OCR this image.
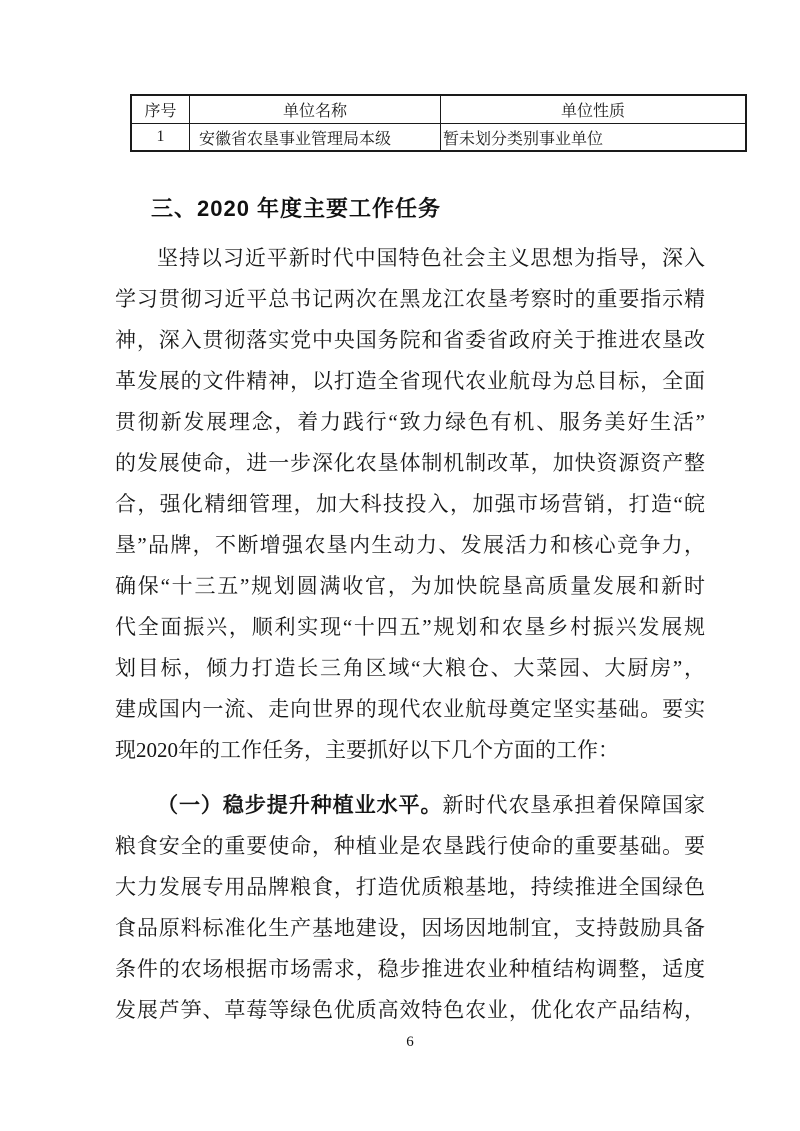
序号	单位名称	单位性质
1	安徽省农垦事业管理局本级	暂未划分类别事业单位
三、2020 年度主要工作任务
坚持以习近平新时代中国特色社会主义思想为指导，深入
学习贯彻习近平总书记两次在黑龙江农垦考察时的重要指示精
神，深入贯彻落实党中央国务院和省委省政府关于推进农垦改
革发展的文件精神，以打造全省现代农业航母为总目标，全面
贯彻新发展理念，着力践行“致力绿色有机、服务美好生活”
的发展使命，进一步深化农垦体制机制改革，加快资源资产整
合，强化精细管理，加大科技投入，加强市场营销，打造“皖
垦”品牌，不断增强农垦内生动力、发展活力和核心竞争力，
确保“十三五”规划圆满收官，为加快皖垦高质量发展和新时
代全面振兴，顺利实现“十四五”规划和农垦乡村振兴发展规
划目标，倾力打造长三角区域“大粮仓、大菜园、大厨房”，
建成国内一流、走向世界的现代农业航母奠定坚实基础。要实
现2020年的工作任务，主要抓好以下几个方面的工作：
（一）稳步提升种植业水平。新时代农垦承担着保障国家
粮食安全的重要使命，种植业是农垦践行使命的重要基础。要
大力发展专用品牌粮食，打造优质粮基地，持续推进全国绿色
食品原料标准化生产基地建设，因场因地制宜，支持鼓励具备
条件的农场根据市场需求，稳步推进农业种植结构调整，适度
发展芦笋、草莓等绿色优质高效特色农业，优化农产品结构，
6
